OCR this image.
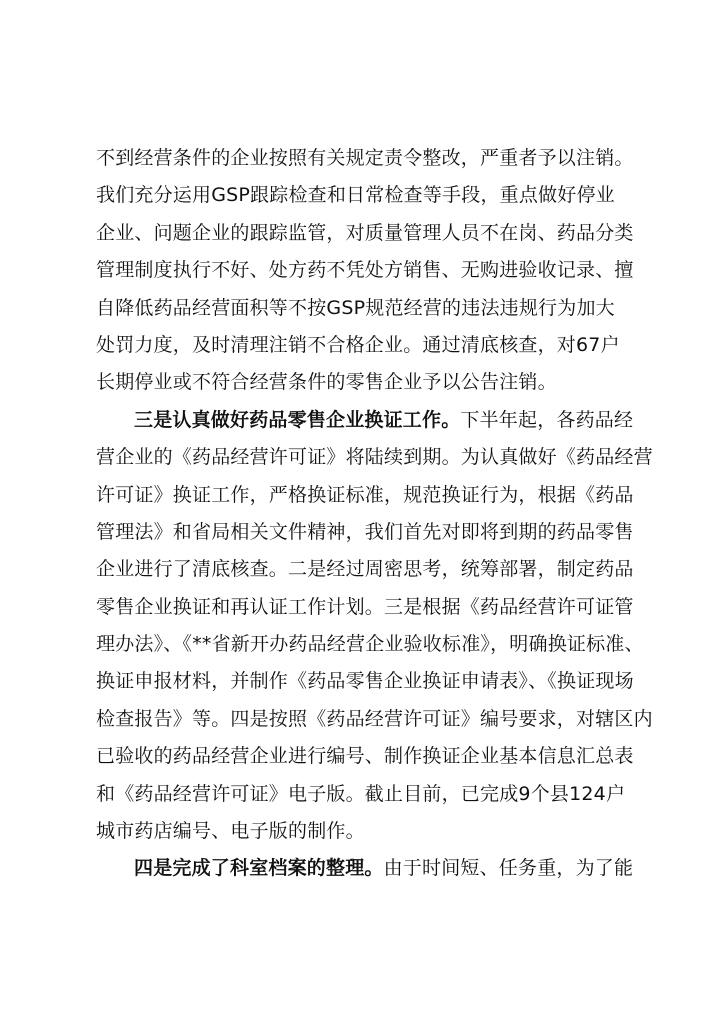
不到经营条件的企业按照有关规定责令整改，严重者予以注销。
我们充分运用GSP跟踪检查和日常检查等手段，重点做好停业
企业、问题企业的跟踪监管，对质量管理人员不在岗、药品分类
管理制度执行不好、处方药不凭处方销售、无购进验收记录、擅
自降低药品经营面积等不按GSP规范经营的违法违规行为加大
处罚力度，及时清理注销不合格企业。通过清底核查，对67户
长期停业或不符合经营条件的零售企业予以公告注销。
三是认真做好药品零售企业换证工作。下半年起，各药品经
营企业的《药品经营许可证》将陆续到期。为认真做好《药品经营
许可证》换证工作，严格换证标准，规范换证行为，根据《药品
管理法》和省局相关文件精神，我们首先对即将到期的药品零售
企业进行了清底核查。二是经过周密思考，统筹部署，制定药品
零售企业换证和再认证工作计划。三是根据《药品经营许可证管
理办法》、《**省新开办药品经营企业验收标准》，明确换证标准、
换证申报材料，并制作《药品零售企业换证申请表》、《换证现场
检查报告》等。四是按照《药品经营许可证》编号要求，对辖区内
已验收的药品经营企业进行编号、制作换证企业基本信息汇总表
和《药品经营许可证》电子版。截止目前，已完成9个县124户
城市药店编号、电子版的制作。
四是完成了科室档案的整理。由于时间短、任务重，为了能
